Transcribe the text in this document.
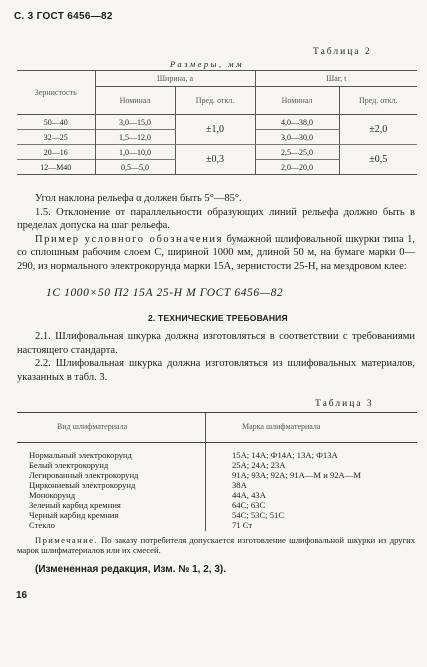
С. 3 ГОСТ 6456—82
Таблица 2
Размеры, мм
Зернистость	Ширина, а		Шаг, t	
	Номинал	Пред. откл.	Номинал	Пред. откл.
50—40	3,0—15,0	±1,0	4,0—38,0	±2,0
32—25	1,5—12,0		3,0—30,0	
20—16	1,0—10,0	±0,3	2,5—25,0	±0,5
12—М40	0,5—5,0		2,0—20,0	

Угол наклона рельефа α должен быть 5°—85°.

1.5. Отклонение от параллельности образующих линий рельефа должно быть в пределах допуска на шаг рельефа.

Пример условного обозначения бумажной шлифовальной шкурки типа 1, со сплошным рабочим слоем С, шириной 1000 мм, длиной 50 м, на бумаге марки 0—290, из нормального электрокорунда марки 15А, зернистости 25-Н, на мездровом клее:

1С 1000×50 П2 15А 25-Н М ГОСТ 6456—82
2. ТЕХНИЧЕСКИЕ ТРЕБОВАНИЯ

2.1. Шлифовальная шкурка должна изготовляться в соответствии с требованиями настоящего стандарта.

2.2. Шлифовальная шкурка должна изготовляться из шлифовальных материалов, указанных в табл. 3.

Таблица 3
Вид шлифматериала	Марка шлифматериала
Нормальный электрокорунд	15А; 14А; Ф14А; 13А; Ф13А
Белый электрокорунд	25А; 24А; 23А
Легированный электрокорунд	91А; 93А; 92А; 91А—М и 92А—М
Циркониевый электрокорунд	38А
Монокорунд	44А, 43А
Зеленый карбид кремния	64С; 63С
Черный карбид кремния	54С; 53С; 51С
Стекло	71 Ст

Примечание. По заказу потребителя допускается изготовление шлифовальной шкурки из других марок шлифматериалов или их смесей.

(Измененная редакция, Изм. № 1, 2, 3).
16
